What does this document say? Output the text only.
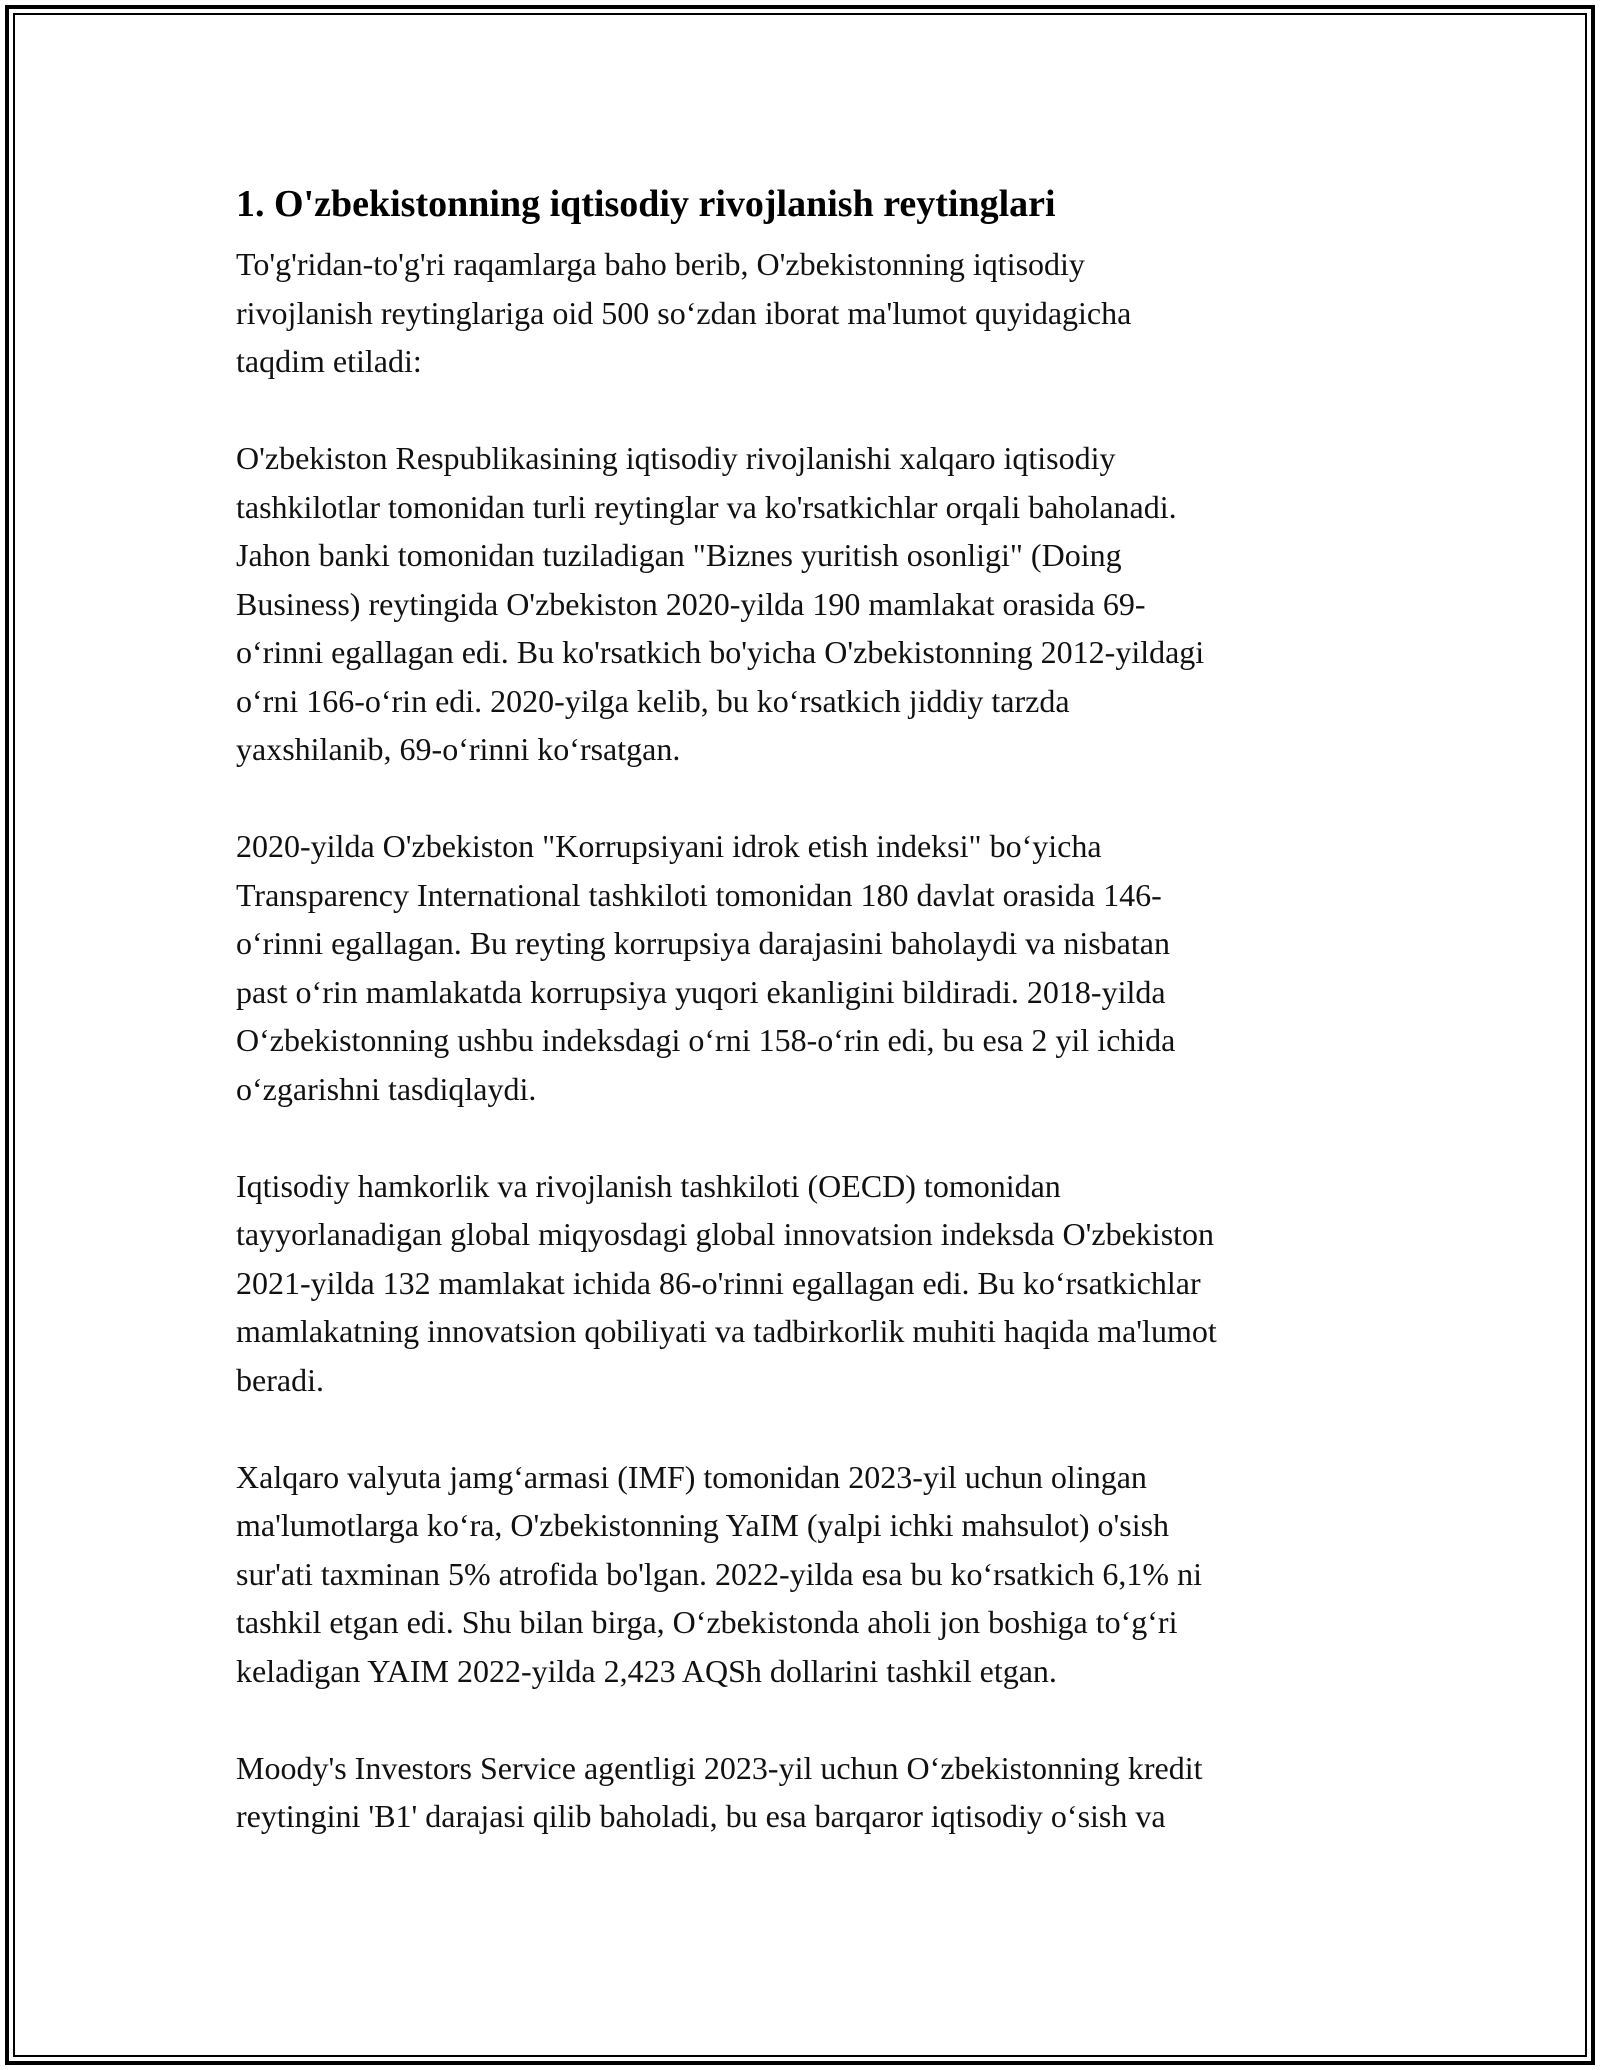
1. O'zbekistonning iqtisodiy rivojlanish reytinglari

To'g'ridan-to'g'ri raqamlarga baho berib, O'zbekistonning iqtisodiy
rivojlanish reytinglariga oid 500 so‘zdan iborat ma'lumot quyidagicha
taqdim etiladi:

O'zbekiston Respublikasining iqtisodiy rivojlanishi xalqaro iqtisodiy
tashkilotlar tomonidan turli reytinglar va ko'rsatkichlar orqali baholanadi.
Jahon banki tomonidan tuziladigan "Biznes yuritish osonligi" (Doing
Business) reytingida O'zbekiston 2020-yilda 190 mamlakat orasida 69-
o‘rinni egallagan edi. Bu ko'rsatkich bo'yicha O'zbekistonning 2012-yildagi
o‘rni 166-o‘rin edi. 2020-yilga kelib, bu ko‘rsatkich jiddiy tarzda
yaxshilanib, 69-o‘rinni ko‘rsatgan.

2020-yilda O'zbekiston "Korrupsiyani idrok etish indeksi" bo‘yicha
Transparency International tashkiloti tomonidan 180 davlat orasida 146-
o‘rinni egallagan. Bu reyting korrupsiya darajasini baholaydi va nisbatan
past o‘rin mamlakatda korrupsiya yuqori ekanligini bildiradi. 2018-yilda
O‘zbekistonning ushbu indeksdagi o‘rni 158-o‘rin edi, bu esa 2 yil ichida
o‘zgarishni tasdiqlaydi.

Iqtisodiy hamkorlik va rivojlanish tashkiloti (OECD) tomonidan
tayyorlanadigan global miqyosdagi global innovatsion indeksda O'zbekiston
2021-yilda 132 mamlakat ichida 86-o'rinni egallagan edi. Bu ko‘rsatkichlar
mamlakatning innovatsion qobiliyati va tadbirkorlik muhiti haqida ma'lumot
beradi.

Xalqaro valyuta jamg‘armasi (IMF) tomonidan 2023-yil uchun olingan
ma'lumotlarga ko‘ra, O'zbekistonning YaIM (yalpi ichki mahsulot) o'sish
sur'ati taxminan 5% atrofida bo'lgan. 2022-yilda esa bu ko‘rsatkich 6,1% ni
tashkil etgan edi. Shu bilan birga, O‘zbekistonda aholi jon boshiga to‘g‘ri
keladigan YAIM 2022-yilda 2,423 AQSh dollarini tashkil etgan.

Moody's Investors Service agentligi 2023-yil uchun O‘zbekistonning kredit
reytingini 'B1' darajasi qilib baholadi, bu esa barqaror iqtisodiy o‘sish va
